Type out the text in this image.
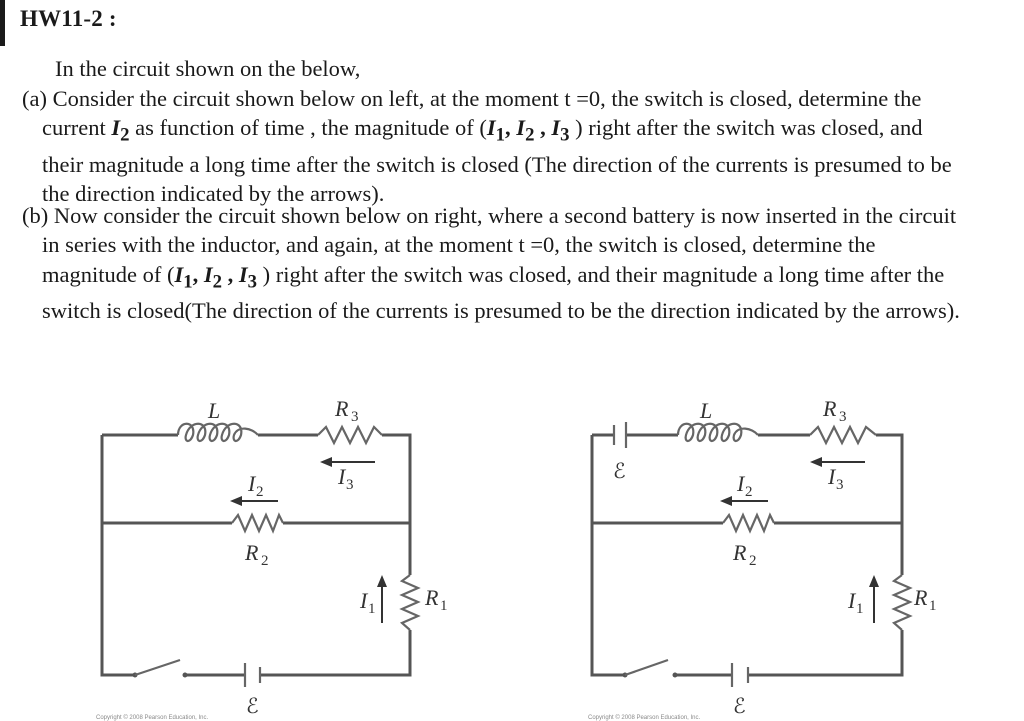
HW11-2 :
In the circuit shown on the below,
(a) Consider the circuit shown below on left, at the moment t =0, the switch is closed, determine the current $I_2$ as function of time , the magnitude of ($I_1$, $I_2$ , $I_3$ ) right after the switch was closed, and their magnitude a long time after the switch is closed (The direction of the currents is presumed to be the direction indicated by the arrows).
(b) Now consider the circuit shown below on right, where a second battery is now inserted in the circuit in series with the inductor, and again, at the moment t =0, the switch is closed, determine the magnitude of ($I_1$, $I_2$ , $I_3$ ) right after the switch was closed, and their magnitude a long time after the switch is closed(The direction of the currents is presumed to be the direction indicated by the arrows).
L	R 3
I 3
I 2
R 2
I 1 R 1
ℰ
L	R 3
ℰ	I 3
I 2
R 2
I 1 R 1
ℰ
Copyright © 2008 Pearson Education, Inc.	Copyright © 2008 Pearson Education, Inc.
